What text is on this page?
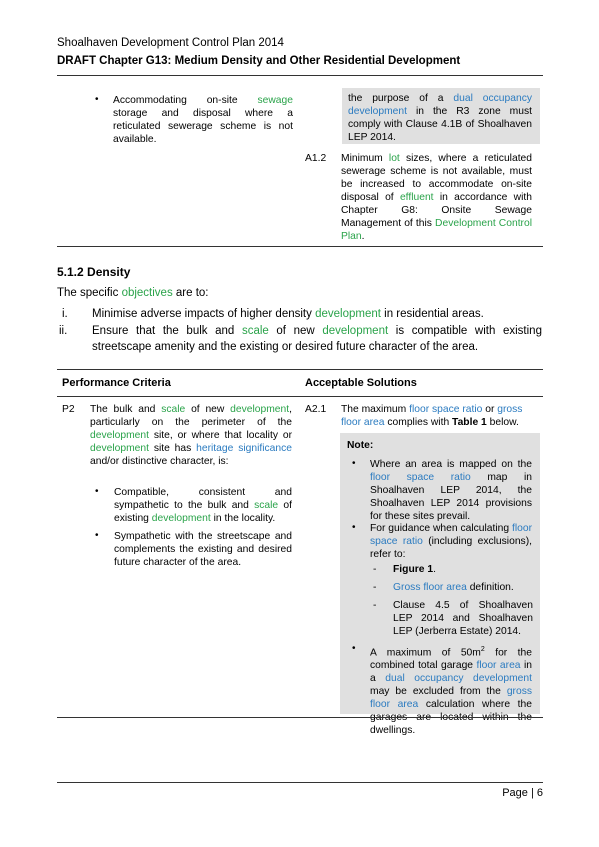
Shoalhaven Development Control Plan 2014
DRAFT Chapter G13: Medium Density and Other Residential Development
• Accommodating on-site sewage storage and disposal where a reticulated sewerage scheme is not available.
the purpose of a dual occupancy development in the R3 zone must comply with Clause 4.1B of Shoalhaven LEP 2014.
A1.2 Minimum lot sizes, where a reticulated sewerage scheme is not available, must be increased to accommodate on-site disposal of effluent in accordance with Chapter G8: Onsite Sewage Management of this Development Control Plan.
5.1.2 Density
The specific objectives are to:
i. Minimise adverse impacts of higher density development in residential areas.
ii. Ensure that the bulk and scale of new development is compatible with existing streetscape amenity and the existing or desired future character of the area.
Performance Criteria	Acceptable Solutions
P2 The bulk and scale of new development, particularly on the perimeter of the development site, or where that locality or development site has heritage significance and/or distinctive character, is:
• Compatible, consistent and sympathetic to the bulk and scale of existing development in the locality.
• Sympathetic with the streetscape and complements the existing and desired future character of the area.
A2.1 The maximum floor space ratio or gross floor area complies with Table 1 below.
Note:
• Where an area is mapped on the floor space ratio map in Shoalhaven LEP 2014, the Shoalhaven LEP 2014 provisions for these sites prevail.
• For guidance when calculating floor space ratio (including exclusions), refer to:
- Figure 1.
- Gross floor area definition.
- Clause 4.5 of Shoalhaven LEP 2014 and Shoalhaven LEP (Jerberra Estate) 2014.
• A maximum of $50m^2$ for the combined total garage floor area in a dual occupancy development may be excluded from the gross floor area calculation where the dwellings.
Page | 6
